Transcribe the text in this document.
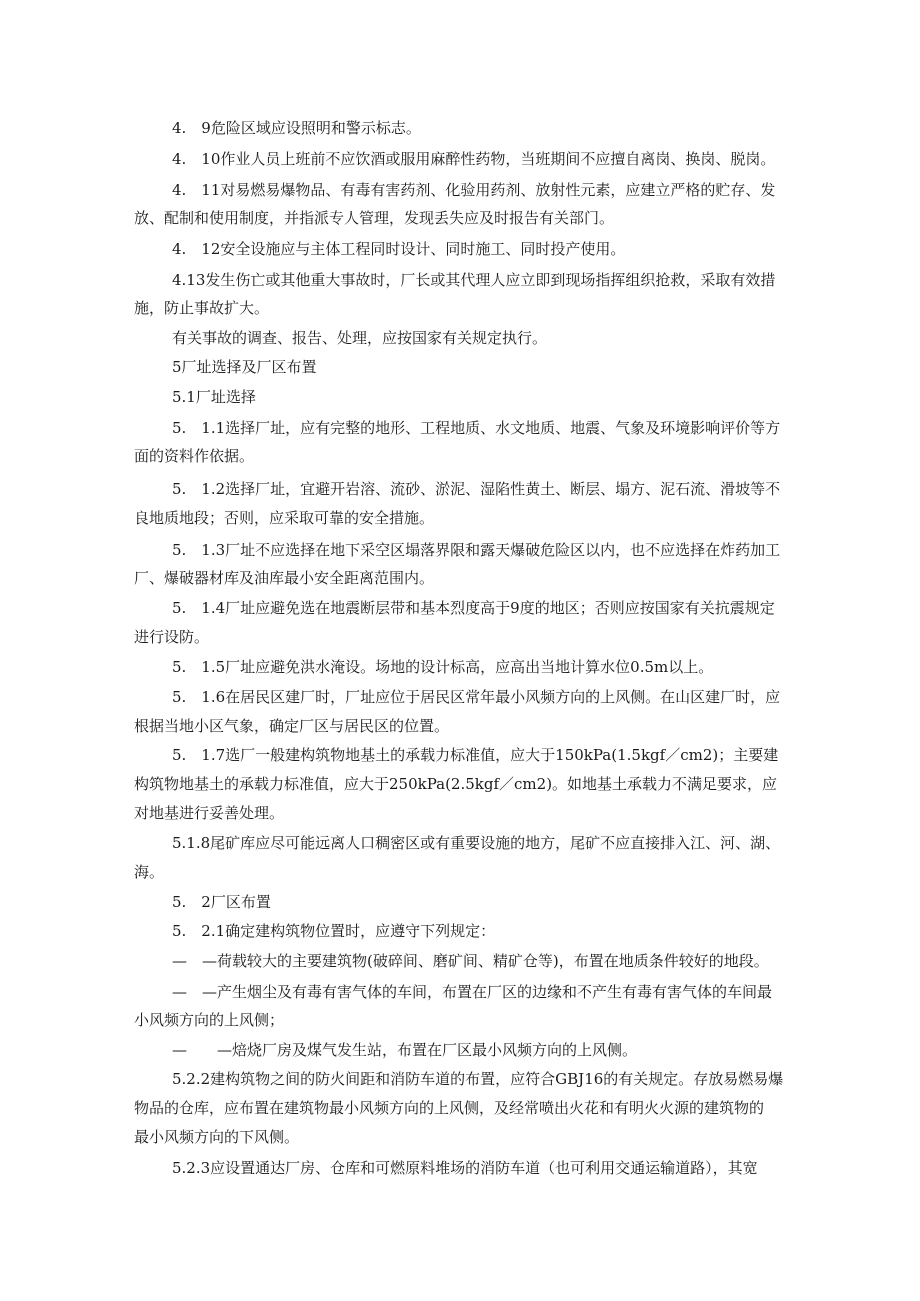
4.　9危险区域应设照明和警示标志。

4.　10作业人员上班前不应饮酒或服用麻醉性药物，当班期间不应擅自离岗、换岗、脱岗。

4.　11对易燃易爆物品、有毒有害药剂、化验用药剂、放射性元素，应建立严格的贮存、发

放、配制和使用制度，并指派专人管理，发现丢失应及时报告有关部门。

4.　12安全设施应与主体工程同时设计、同时施工、同时投产使用。

4.13发生伤亡或其他重大事故时，厂长或其代理人应立即到现场指挥组织抢救，采取有效措

施，防止事故扩大。

有关事故的调查、报告、处理，应按国家有关规定执行。

5厂址选择及厂区布置

5.1厂址选择

5.　1.1选择厂址，应有完整的地形、工程地质、水文地质、地震、气象及环境影响评价等方

面的资料作依据。

5.　1.2选择厂址，宜避开岩溶、流砂、淤泥、湿陷性黄土、断层、塌方、泥石流、滑坡等不

良地质地段；否则，应采取可靠的安全措施。

5.　1.3厂址不应选择在地下采空区塌落界限和露天爆破危险区以内，也不应选择在炸药加工

厂、爆破器材库及油库最小安全距离范围内。

5.　1.4厂址应避免选在地震断层带和基本烈度高于9度的地区；否则应按国家有关抗震规定

进行设防。

5.　1.5厂址应避免洪水淹设。场地的设计标高，应高出当地计算水位0.5m以上。

5.　1.6在居民区建厂时，厂址应位于居民区常年最小风频方向的上风侧。在山区建厂时，应

根据当地小区气象，确定厂区与居民区的位置。

5.　1.7选厂一般建构筑物地基土的承载力标准值，应大于150kPa(1.5kgf／cm2)；主要建

构筑物地基土的承载力标准值，应大于250kPa(2.5kgf／cm2)。如地基土承载力不满足要求，应

对地基进行妥善处理。

5.1.8尾矿库应尽可能远离人口稠密区或有重要设施的地方，尾矿不应直接排入江、河、湖、

海。

5.　2厂区布置

5.　2.1确定建构筑物位置时，应遵守下列规定：

—　—荷载较大的主要建筑物(破碎间、磨矿间、精矿仓等)，布置在地质条件较好的地段。

—　—产生烟尘及有毒有害气体的车间，布置在厂区的边缘和不产生有毒有害气体的车间最

小风频方向的上风侧；

—　　—焙烧厂房及煤气发生站，布置在厂区最小风频方向的上风侧。

5.2.2建构筑物之间的防火间距和消防车道的布置，应符合GBJ16的有关规定。存放易燃易爆

物品的仓库，应布置在建筑物最小风频方向的上风侧，及经常喷出火花和有明火火源的建筑物的

最小风频方向的下风侧。

5.2.3应设置通达厂房、仓库和可燃原料堆场的消防车道（也可利用交通运输道路），其宽
